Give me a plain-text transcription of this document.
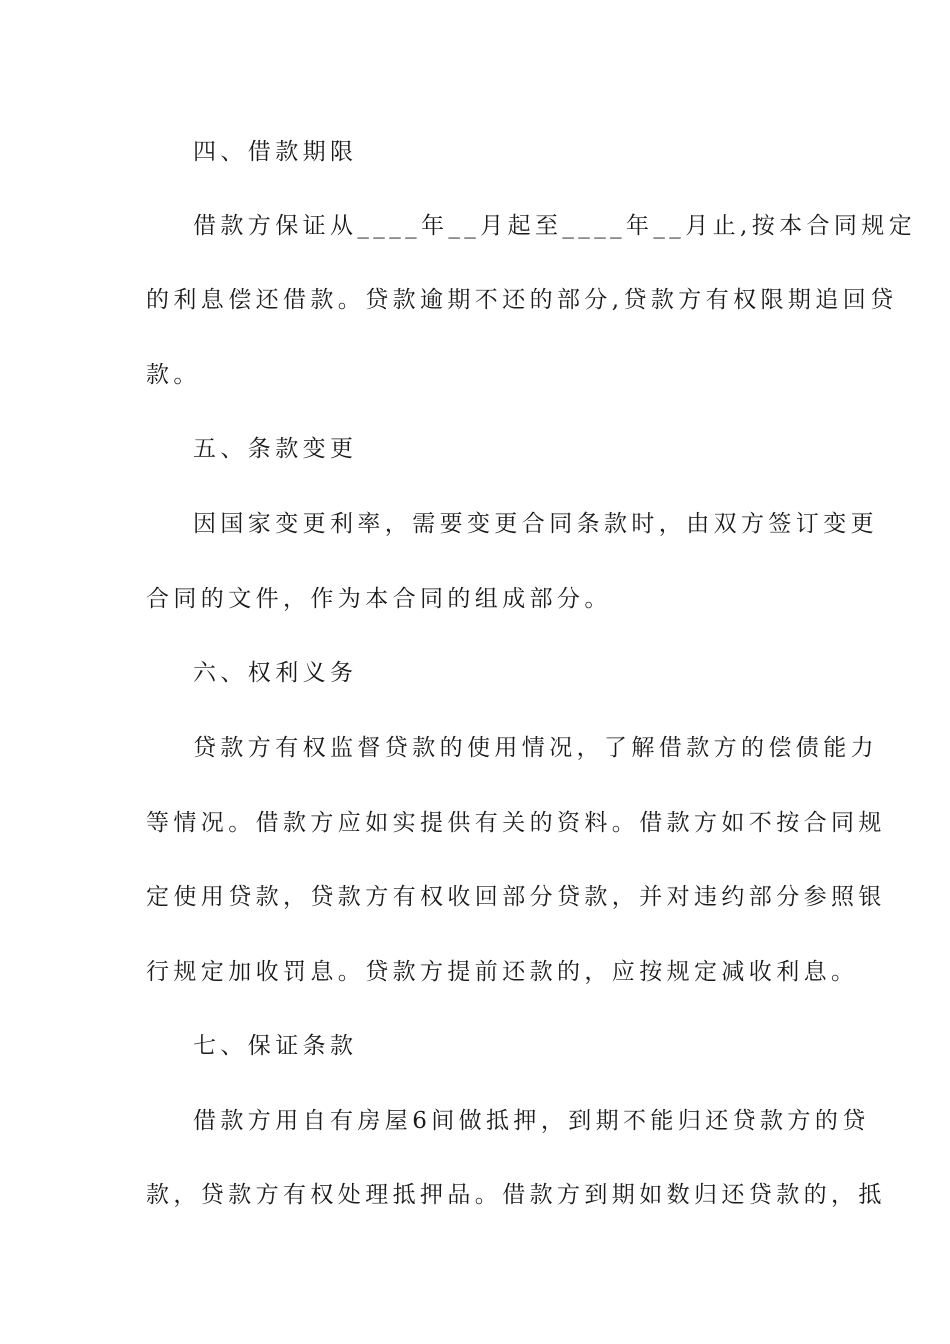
四、借款期限
借款方保证从____年__月起至____年__月止,按本合同规定
的利息偿还借款。贷款逾期不还的部分,贷款方有权限期追回贷
款。
五、条款变更
因国家变更利率，需要变更合同条款时，由双方签订变更
合同的文件，作为本合同的组成部分。
六、权利义务
贷款方有权监督贷款的使用情况，了解借款方的偿债能力
等情况。借款方应如实提供有关的资料。借款方如不按合同规
定使用贷款，贷款方有权收回部分贷款，并对违约部分参照银
行规定加收罚息。贷款方提前还款的，应按规定减收利息。
七、保证条款
借款方用自有房屋6间做抵押，到期不能归还贷款方的贷
款，贷款方有权处理抵押品。借款方到期如数归还贷款的，抵
